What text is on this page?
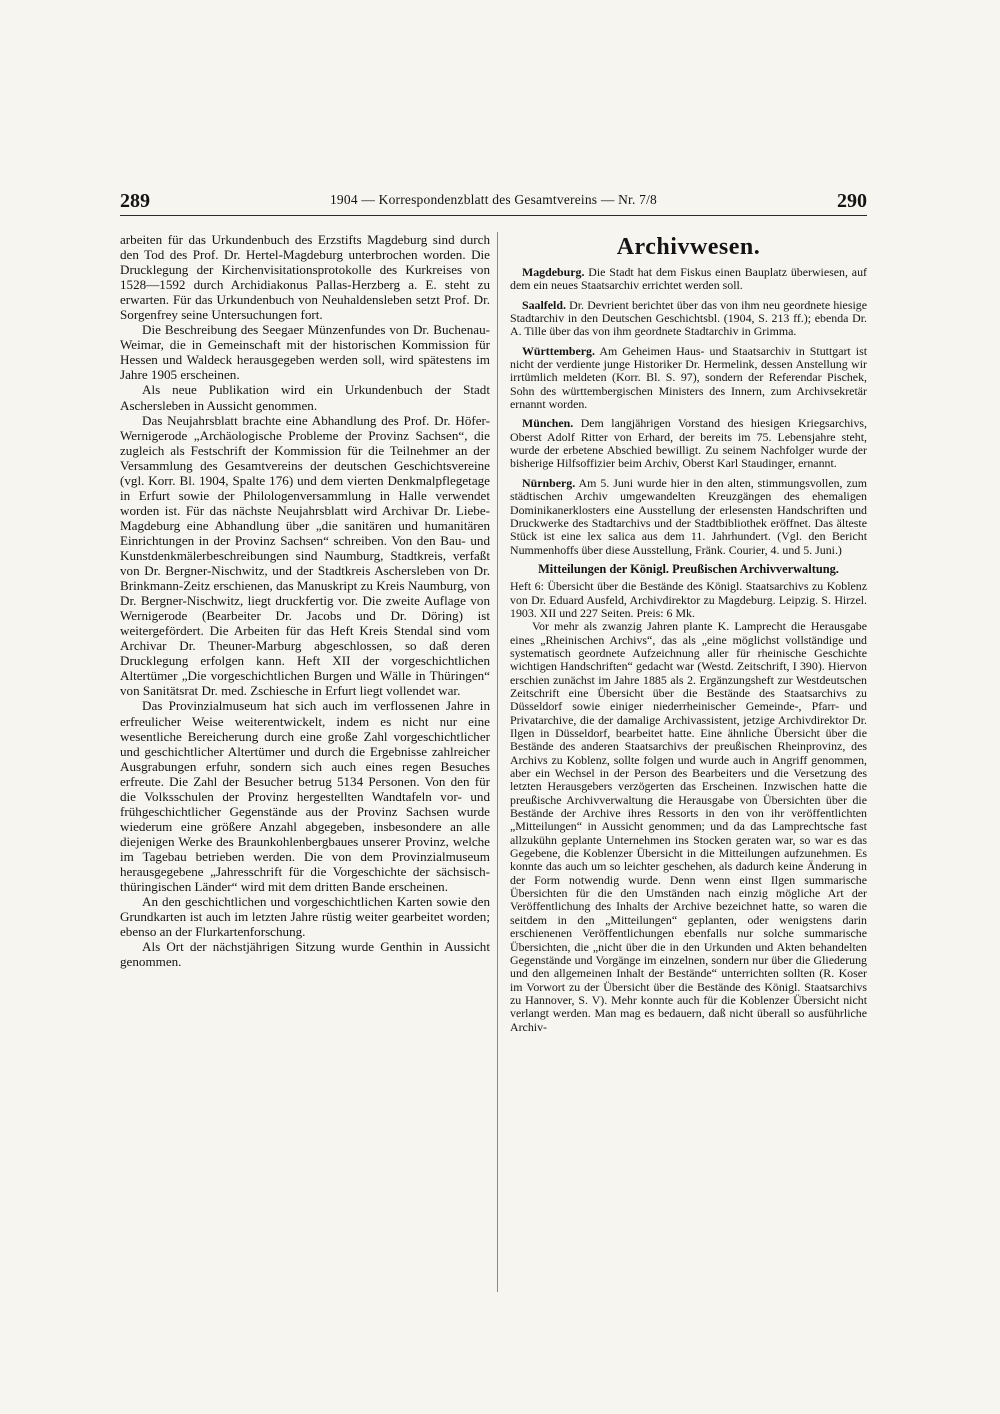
289	1904 — Korrespondenzblatt des Gesamtvereins — Nr. 7/8	290

arbeiten für das Urkundenbuch des Erzstifts Magdeburg sind durch den Tod des Prof. Dr. Hertel-Magdeburg unterbrochen worden. Die Drucklegung der Kirchenvisitationsprotokolle des Kurkreises von 1528—1592 durch Archidiakonus Pallas-Herzberg a. E. steht zu erwarten. Für das Urkundenbuch von Neuhaldensleben setzt Prof. Dr. Sorgenfrey seine Untersuchungen fort.

Die Beschreibung des Seegaer Münzenfundes von Dr. Buchenau-Weimar, die in Gemeinschaft mit der historischen Kommission für Hessen und Waldeck herausgegeben werden soll, wird spätestens im Jahre 1905 erscheinen.

Als neue Publikation wird ein Urkundenbuch der Stadt Aschersleben in Aussicht genommen.

Das Neujahrsblatt brachte eine Abhandlung des Prof. Dr. Höfer-Wernigerode „Archäologische Probleme der Provinz Sachsen“, die zugleich als Festschrift der Kommission für die Teilnehmer an der Versammlung des Gesamtvereins der deutschen Geschichtsvereine (vgl. Korr. Bl. 1904, Spalte 176) und dem vierten Denkmalpflegetage in Erfurt sowie der Philologenversammlung in Halle verwendet worden ist. Für das nächste Neujahrsblatt wird Archivar Dr. Liebe-Magdeburg eine Abhandlung über „die sanitären und humanitären Einrichtungen in der Provinz Sachsen“ schreiben. Von den Bau- und Kunstdenkmälerbeschreibungen sind Naumburg, Stadtkreis, verfaßt von Dr. Bergner-Nischwitz, und der Stadtkreis Aschersleben von Dr. Brinkmann-Zeitz erschienen, das Manuskript zu Kreis Naumburg, von Dr. Bergner-Nischwitz, liegt druckfertig vor. Die zweite Auflage von Wernigerode (Bearbeiter Dr. Jacobs und Dr. Döring) ist weitergefördert. Die Arbeiten für das Heft Kreis Stendal sind vom Archivar Dr. Theuner-Marburg abgeschlossen, so daß deren Drucklegung erfolgen kann. Heft XII der vorgeschichtlichen Altertümer „Die vorgeschichtlichen Burgen und Wälle in Thüringen“ von Sanitätsrat Dr. med. Zschiesche in Erfurt liegt vollendet war.

Das Provinzialmuseum hat sich auch im verflossenen Jahre in erfreulicher Weise weiterentwickelt, indem es nicht nur eine wesentliche Bereicherung durch eine große Zahl vorgeschichtlicher und geschichtlicher Altertümer und durch die Ergebnisse zahlreicher Ausgrabungen erfuhr, sondern sich auch eines regen Besuches erfreute. Die Zahl der Besucher betrug 5134 Personen. Von den für die Volksschulen der Provinz hergestellten Wandtafeln vor- und frühgeschichtlicher Gegenstände aus der Provinz Sachsen wurde wiederum eine größere Anzahl abgegeben, insbesondere an alle diejenigen Werke des Braunkohlenbergbaues unserer Provinz, welche im Tagebau betrieben werden. Die von dem Provinzialmuseum herausgegebene „Jahresschrift für die Vorgeschichte der sächsisch-thüringischen Länder“ wird mit dem dritten Bande erscheinen.

An den geschichtlichen und vorgeschichtlichen Karten sowie den Grundkarten ist auch im letzten Jahre rüstig weiter gearbeitet worden; ebenso an der Flurkartenforschung.

Als Ort der nächstjährigen Sitzung wurde Genthin in Aussicht genommen.

Archivwesen.

Magdeburg. Die Stadt hat dem Fiskus einen Bauplatz überwiesen, auf dem ein neues Staatsarchiv errichtet werden soll.

Saalfeld. Dr. Devrient berichtet über das von ihm neu geordnete hiesige Stadtarchiv in den Deutschen Geschichtsbl. (1904, S. 213 ff.); ebenda Dr. A. Tille über das von ihm geordnete Stadtarchiv in Grimma.

Württemberg. Am Geheimen Haus- und Staatsarchiv in Stuttgart ist nicht der verdiente junge Historiker Dr. Hermelink, dessen Anstellung wir irrtümlich meldeten (Korr. Bl. S. 97), sondern der Referendar Pischek, Sohn des württembergischen Ministers des Innern, zum Archivsekretär ernannt worden.

München. Dem langjährigen Vorstand des hiesigen Kriegsarchivs, Oberst Adolf Ritter von Erhard, der bereits im 75. Lebensjahre steht, wurde der erbetene Abschied bewilligt. Zu seinem Nachfolger wurde der bisherige Hilfsoffizier beim Archiv, Oberst Karl Staudinger, ernannt.

Nürnberg. Am 5. Juni wurde hier in den alten, stimmungsvollen, zum städtischen Archiv umgewandelten Kreuzgängen des ehemaligen Dominikanerklosters eine Ausstellung der erlesensten Handschriften und Druckwerke des Stadtarchivs und der Stadtbibliothek eröffnet. Das älteste Stück ist eine lex salica aus dem 11. Jahrhundert. (Vgl. den Bericht Nummenhoffs über diese Ausstellung, Fränk. Courier, 4. und 5. Juni.)

Mitteilungen der Königl. Preußischen Archivverwaltung.

Heft 6: Übersicht über die Bestände des Königl. Staatsarchivs zu Koblenz von Dr. Eduard Ausfeld, Archivdirektor zu Magdeburg. Leipzig. S. Hirzel. 1903. XII und 227 Seiten. Preis: 6 Mk.

Vor mehr als zwanzig Jahren plante K. Lamprecht die Herausgabe eines „Rheinischen Archivs“, das als „eine möglichst vollständige und systematisch geordnete Aufzeichnung aller für rheinische Geschichte wichtigen Handschriften“ gedacht war (Westd. Zeitschrift, I 390). Hiervon erschien zunächst im Jahre 1885 als 2. Ergänzungsheft zur Westdeutschen Zeitschrift eine Übersicht über die Bestände des Staatsarchivs zu Düsseldorf sowie einiger niederrheinischer Gemeinde-, Pfarr- und Privatarchive, die der damalige Archivassistent, jetzige Archivdirektor Dr. Ilgen in Düsseldorf, bearbeitet hatte. Eine ähnliche Übersicht über die Bestände des anderen Staatsarchivs der preußischen Rheinprovinz, des Archivs zu Koblenz, sollte folgen und wurde auch in Angriff genommen, aber ein Wechsel in der Person des Bearbeiters und die Versetzung des letzten Herausgebers verzögerten das Erscheinen. Inzwischen hatte die preußische Archivverwaltung die Herausgabe von Übersichten über die Bestände der Archive ihres Ressorts in den von ihr veröffentlichten „Mitteilungen“ in Aussicht genommen; und da das Lamprechtsche fast allzukühn geplante Unternehmen ins Stocken geraten war, so war es das Gegebene, die Koblenzer Übersicht in die Mitteilungen aufzunehmen. Es konnte das auch um so leichter geschehen, als dadurch keine Änderung in der Form notwendig wurde. Denn wenn einst Ilgen summarische Übersichten für die den Umständen nach einzig mögliche Art der Veröffentlichung des Inhalts der Archive bezeichnet hatte, so waren die seitdem in den „Mitteilungen“ geplanten, oder wenigstens darin erschienenen Veröffentlichungen ebenfalls nur solche summarische Übersichten, die „nicht über die in den Urkunden und Akten behandelten Gegenstände und Vorgänge im einzelnen, sondern nur über die Gliederung und den allgemeinen Inhalt der Bestände“ unterrichten sollten (R. Koser im Vorwort zu der Übersicht über die Bestände des Königl. Staatsarchivs zu Hannover, S. V). Mehr konnte auch für die Koblenzer Übersicht nicht verlangt werden. Man mag es bedauern, daß nicht überall so ausführliche Archiv-
